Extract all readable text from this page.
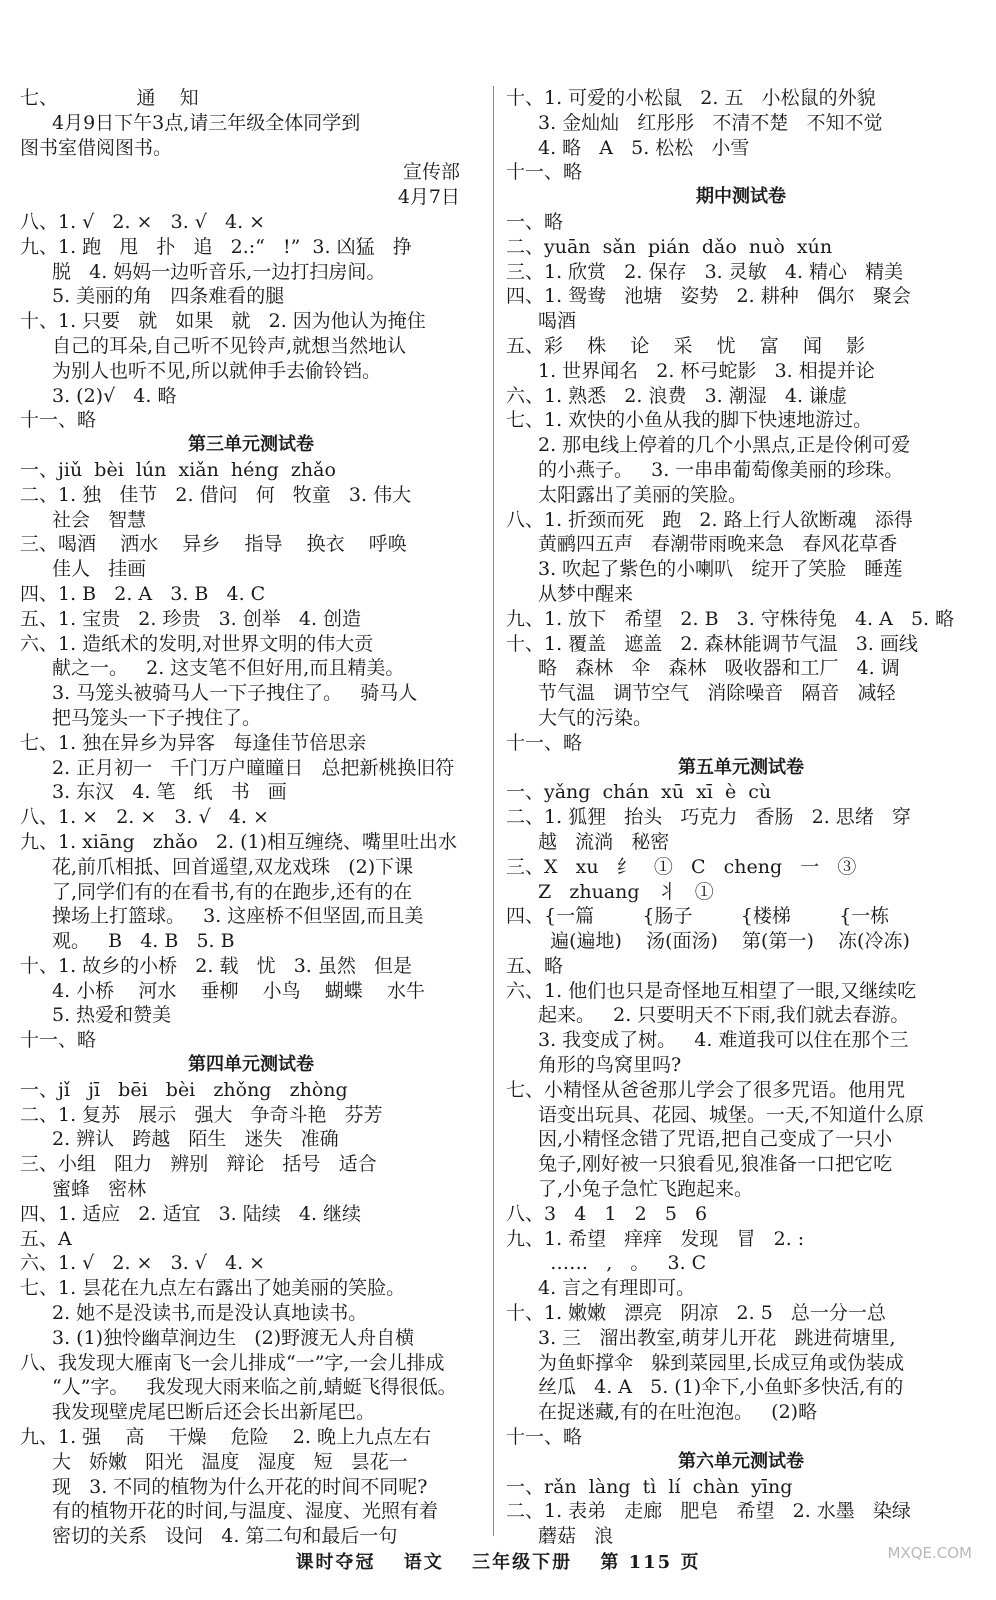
七、             通    知
4月9日下午3点,请三年级全体同学到
图书室借阅图书。
宣传部
4月7日
八、1. √   2. ×   3. √   4. ×
九、1. 跑   甩   扑   追   2.:“   !”  3. 凶猛   挣
脱   4. 妈妈一边听音乐,一边打扫房间。
5. 美丽的角   四条难看的腿
十、1. 只要   就   如果   就   2. 因为他认为掩住
自己的耳朵,自己听不见铃声,就想当然地认
为别人也听不见,所以就伸手去偷铃铛。
3. (2)√   4. 略
十一、略
第三单元测试卷
一、jiǔ  bèi  lún  xiǎn  héng  zhǎo
二、1. 独   佳节   2. 借问   何   牧童   3. 伟大
社会   智慧
三、喝酒    洒水    异乡    指导    换衣    呼唤
佳人   挂画
四、1. B   2. A   3. B   4. C
五、1. 宝贵   2. 珍贵   3. 创举   4. 创造
六、1. 造纸术的发明,对世界文明的伟大贡
献之一。   2. 这支笔不但好用,而且精美。
3. 马笼头被骑马人一下子拽住了。   骑马人
把马笼头一下子拽住了。
七、1. 独在异乡为异客   每逢佳节倍思亲
2. 正月初一   千门万户曈曈日   总把新桃换旧符
3. 东汉   4. 笔   纸   书   画
八、1. ×   2. ×   3. √   4. ×
九、1. xiāng   zhǎo   2. (1)相互缠绕、嘴里吐出水
花,前爪相抵、回首遥望,双龙戏珠   (2)下课
了,同学们有的在看书,有的在跑步,还有的在
操场上打篮球。   3. 这座桥不但坚固,而且美
观。   B   4. B   5. B
十、1. 故乡的小桥   2. 载   忧   3. 虽然   但是
4. 小桥    河水    垂柳    小鸟    蝴蝶    水牛
5. 热爱和赞美
十一、略
第四单元测试卷
一、jǐ   jī   bēi   bèi   zhǒng   zhòng
二、1. 复苏   展示   强大   争奇斗艳   芬芳
2. 辨认   跨越   陌生   迷失   准确
三、小组   阻力   辨别   辩论   括号   适合
蜜蜂   密林
四、1. 适应   2. 适宜   3. 陆续   4. 继续
五、A
六、1. √   2. ×   3. √   4. ×
七、1. 昙花在九点左右露出了她美丽的笑脸。
2. 她不是没读书,而是没认真地读书。
3. (1)独怜幽草涧边生   (2)野渡无人舟自横
八、我发现大雁南飞一会儿排成“一”字,一会儿排成
“人”字。   我发现大雨来临之前,蜻蜓飞得很低。
我发现壁虎尾巴断后还会长出新尾巴。
九、1. 强    高    干燥    危险    2. 晚上九点左右
大   娇嫩   阳光   温度   湿度   短   昙花一
现   3. 不同的植物为什么开花的时间不同呢?
有的植物开花的时间,与温度、湿度、光照有着
密切的关系   设问   4. 第二句和最后一句
十、1. 可爱的小松鼠   2. 五   小松鼠的外貌
3. 金灿灿   红彤彤   不清不楚   不知不觉
4. 略   A   5. 松松   小雪
十一、略
期中测试卷
一、略
二、yuān  sǎn  pián  dǎo  nuò  xún
三、1. 欣赏   2. 保存   3. 灵敏   4. 精心   精美
四、1. 鸳鸯   池塘   姿势   2. 耕种   偶尔   聚会
喝酒
五、彩    株    论    采    忧    富    闻    影
1. 世界闻名   2. 杯弓蛇影   3. 相提并论
六、1. 熟悉   2. 浪费   3. 潮湿   4. 谦虚
七、1. 欢快的小鱼从我的脚下快速地游过。
2. 那电线上停着的几个小黑点,正是伶俐可爱
的小燕子。   3. 一串串葡萄像美丽的珍珠。
太阳露出了美丽的笑脸。
八、1. 折颈而死   跑   2. 路上行人欲断魂   添得
黄鹂四五声   春潮带雨晚来急   春风花草香
3. 吹起了紫色的小喇叭   绽开了笑脸   睡莲
从梦中醒来
九、1. 放下   希望   2. B   3. 守株待兔   4. A   5. 略
十、1. 覆盖   遮盖   2. 森林能调节气温   3. 画线
略   森林   伞   森林   吸收器和工厂   4. 调
节气温   调节空气   消除噪音   隔音   减轻
大气的污染。
十一、略
第五单元测试卷
一、yǎng  chán  xū  xī  è  cù
二、1. 狐狸   抬头   巧克力   香肠   2. 思绪   穿
越   流淌   秘密
三、X   xu   纟   ①   C   cheng   一   ③
Z   zhuang   丬   ①
四、{一篇        {肠子        {楼梯        {一栋
遍(遍地)    汤(面汤)    第(第一)    冻(冷冻)
五、略
六、1. 他们也只是奇怪地互相望了一眼,又继续吃
起来。   2. 只要明天不下雨,我们就去春游。
3. 我变成了树。   4. 难道我可以住在那个三
角形的鸟窝里吗?
七、小精怪从爸爸那儿学会了很多咒语。他用咒
语变出玩具、花园、城堡。一天,不知道什么原
因,小精怪念错了咒语,把自己变成了一只小
兔子,刚好被一只狼看见,狼准备一口把它吃
了,小兔子急忙飞跑起来。
八、3   4   1   2   5   6
九、1. 希望   痒痒   发现   冒   2. :
……   ,   。   3. C
4. 言之有理即可。
十、1. 嫩嫩   漂亮   阴凉   2. 5   总一分一总
3. 三   溜出教室,萌芽儿开花   跳进荷塘里,
为鱼虾撑伞   躲到菜园里,长成豆角或伪装成
丝瓜   4. A   5. (1)伞下,小鱼虾多快活,有的
在捉迷藏,有的在吐泡泡。   (2)略
十一、略
第六单元测试卷
一、rǎn  làng  tì  lí  chàn  yīng
二、1. 表弟   走廊   肥皂   希望   2. 水墨   染绿
蘑菇   浪
课时夺冠 语文 三年级下册 第 115 页	MXQE.COM
